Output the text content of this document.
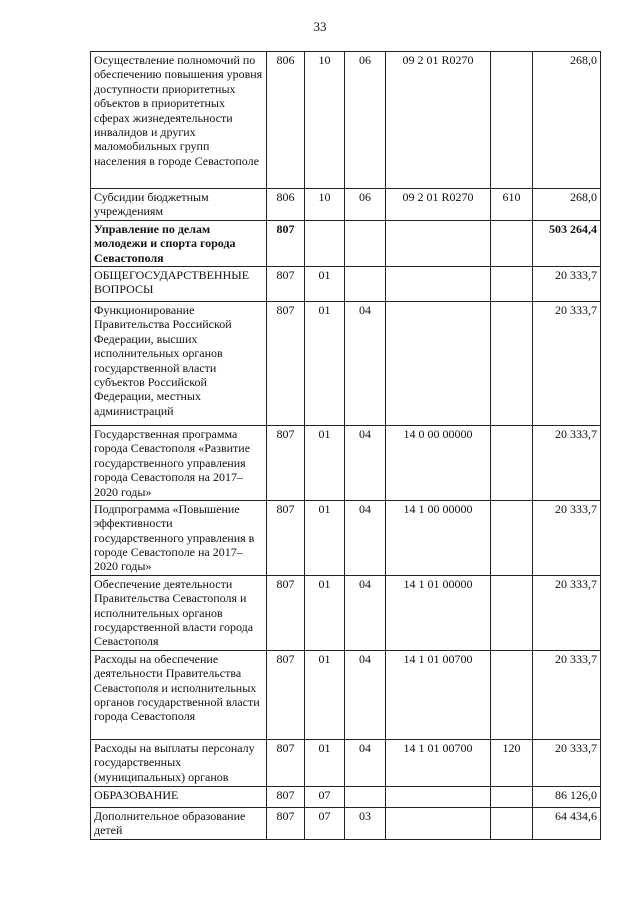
33
Осуществление полномочий по обеспечению повышения уровня доступности приоритетных объектов в приоритетных сферах жизнедеятельности инвалидов и других маломобильных групп населения в городе Севастополе	806	10	06	09 2 01 R0270		268,0
Субсидии бюджетным учреждениям	806	10	06	09 2 01 R0270	610	268,0
Управление по делам молодежи и спорта города Севастополя	807					503 264,4
ОБЩЕГОСУДАРСТВЕННЫЕ ВОПРОСЫ	807	01				20 333,7
Функционирование Правительства Российской Федерации, высших исполнительных органов государственной власти субъектов Российской Федерации, местных администраций	807	01	04			20 333,7
Государственная программа города Севастополя «Развитие государственного управления города Севастополя на 2017–2020 годы»	807	01	04	14 0 00 00000		20 333,7
Подпрограмма «Повышение эффективности государственного управления в городе Севастополе на 2017–2020 годы»	807	01	04	14 1 00 00000		20 333,7
Обеспечение деятельности Правительства Севастополя и исполнительных органов государственной власти города Севастополя	807	01	04	14 1 01 00000		20 333,7
Расходы на обеспечение деятельности Правительства Севастополя и исполнительных органов государственной власти города Севастополя	807	01	04	14 1 01 00700		20 333,7
Расходы на выплаты персоналу государственных (муниципальных) органов	807	01	04	14 1 01 00700	120	20 333,7
ОБРАЗОВАНИЕ	807	07				86 126,0
Дополнительное образование детей	807	07	03			64 434,6
